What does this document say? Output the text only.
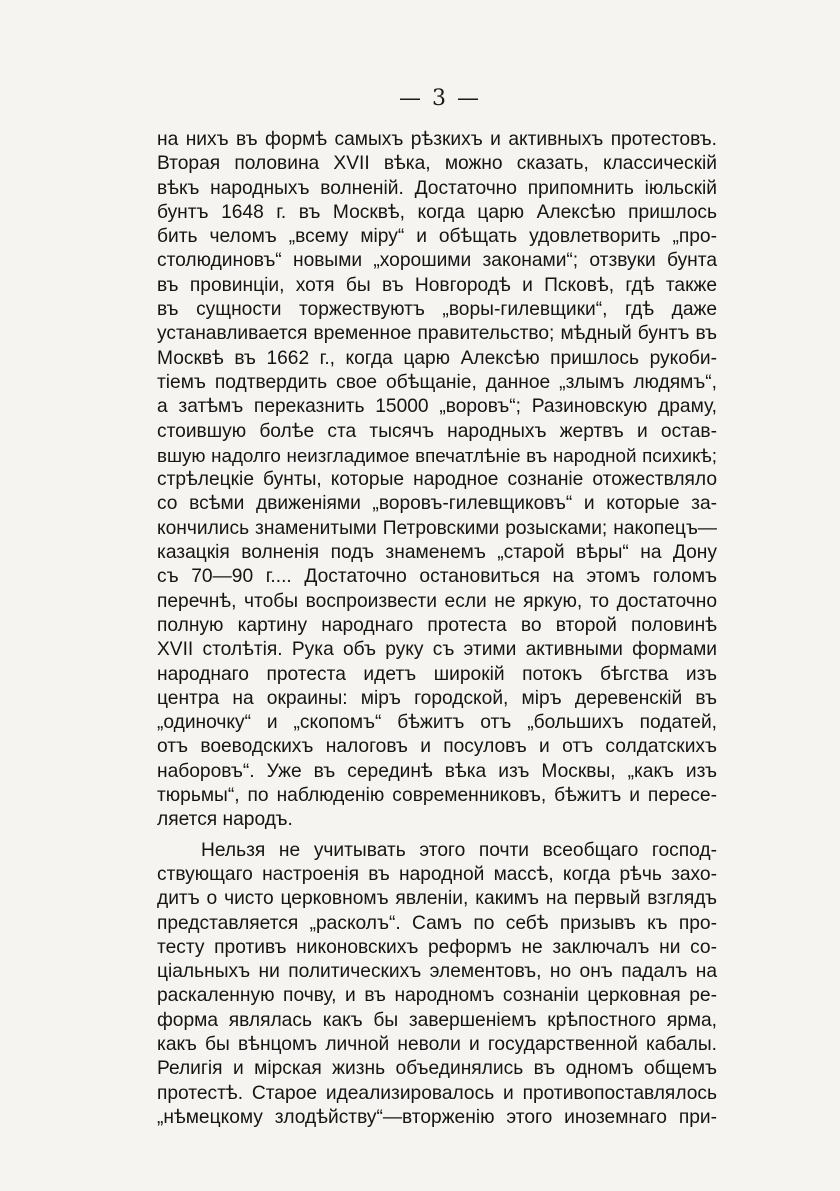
— 3 —
на нихъ въ формѣ самыхъ рѣзкихъ и активныхъ протестовъ.
Вторая половина XVII вѣка, можно сказать, классическій
вѣкъ народныхъ волненій. Достаточно припомнить іюльскій
бунтъ 1648 г. въ Москвѣ, когда царю Алексѣю пришлось
бить челомъ „всему міру“ и обѣщать удовлетворить „про-
столюдиновъ“ новыми „хорошими законами“; отзвуки бунта
въ провинціи, хотя бы въ Новгородѣ и Псковѣ, гдѣ также
въ сущности торжествуютъ „воры-гилевщики“, гдѣ даже
устанавливается временное правительство; мѣдный бунтъ въ
Москвѣ въ 1662 г., когда царю Алексѣю пришлось рукоби-
тіемъ подтвердить свое обѣщаніе, данное „злымъ людямъ“,
а затѣмъ переказнить 15000 „воровъ“; Разиновскую драму,
стоившую болѣе ста тысячъ народныхъ жертвъ и остав-
вшую надолго неизгладимое впечатлѣніе въ народной психикѣ;
стрѣлецкіе бунты, которые народное сознаніе отожествляло
со всѣми движеніями „воровъ-гилевщиковъ“ и которые за-
кончились знаменитыми Петровскими розысками; накопецъ—
казацкія волненія подъ знаменемъ „старой вѣры“ на Дону
съ 70—90 г.... Достаточно остановиться на этомъ голомъ
перечнѣ, чтобы воспроизвести если не яркую, то достаточно
полную картину народнаго протеста во второй половинѣ
XVII столѣтія. Рука объ руку съ этими активными формами
народнаго протеста идетъ широкій потокъ бѣгства изъ
центра на окраины: міръ городской, міръ деревенскій въ
„одиночку“ и „скопомъ“ бѣжитъ отъ „большихъ податей,
отъ воеводскихъ налоговъ и посуловъ и отъ солдатскихъ
наборовъ“. Уже въ серединѣ вѣка изъ Москвы, „какъ изъ
тюрьмы“, по наблюденію современниковъ, бѣжитъ и пересе-
ляется народъ.
Нельзя не учитывать этого почти всеобщаго господ-
ствующаго настроенія въ народной массѣ, когда рѣчь захо-
дитъ о чисто церковномъ явленіи, какимъ на первый взглядъ
представляется „расколъ“. Самъ по себѣ призывъ къ про-
тесту противъ никоновскихъ реформъ не заключалъ ни со-
ціальныхъ ни политическихъ элементовъ, но онъ падалъ на
раскаленную почву, и въ народномъ сознаніи церковная ре-
форма являлась какъ бы завершеніемъ крѣпостного ярма,
какъ бы вѣнцомъ личной неволи и государственной кабалы.
Религія и мірская жизнь объединялись въ одномъ общемъ
протестѣ. Старое идеализировалось и противопоставлялось
„нѣмецкому злодѣйству“—вторженію этого иноземнаго при-
